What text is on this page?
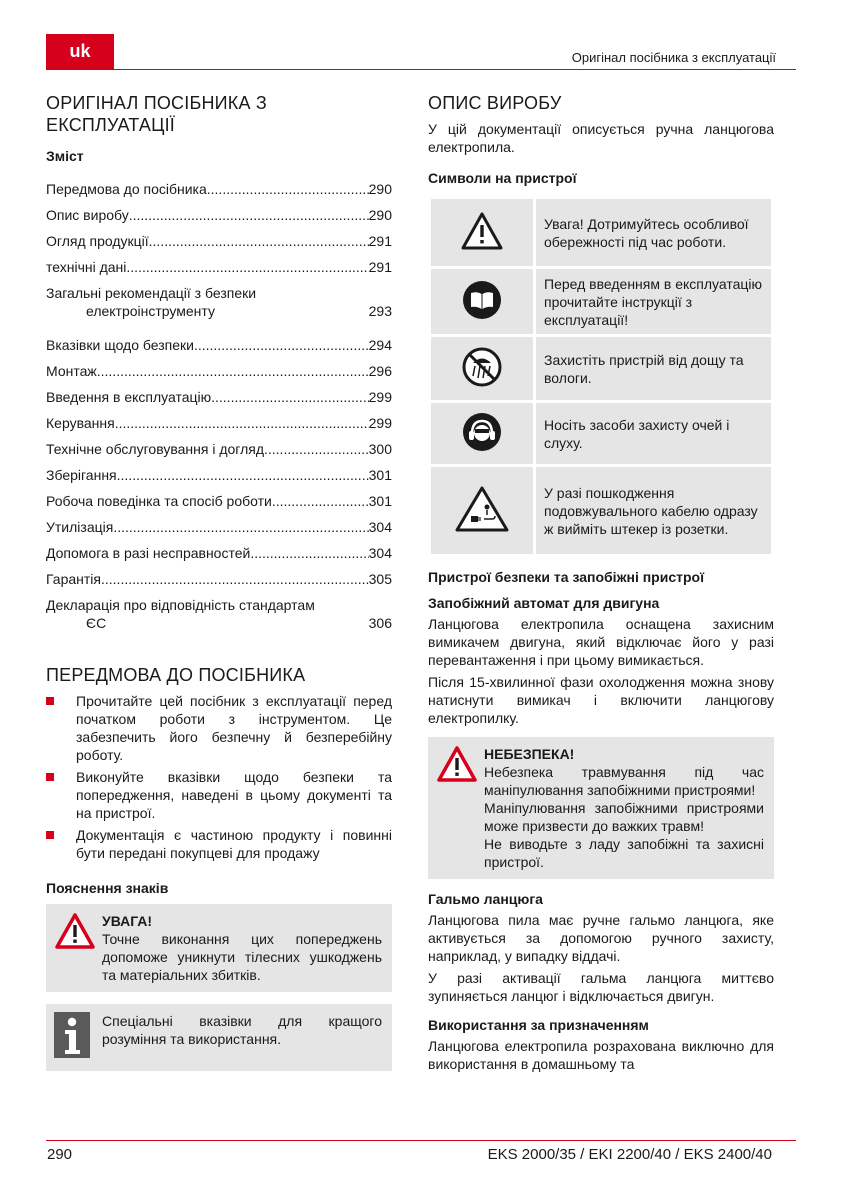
uk	Оригінал посібника з експлуатації
ОРИГІНАЛ ПОСІБНИКА З ЕКСПЛУАТАЦІЇ
Зміст
Передмова до посібника .....	290
Опис виробу .....	290
Огляд продукції .....	291
технічні дані .....	291
Загальні рекомендації з безпеки
електроінструменту	293
Вказівки щодо безпеки .....	294
Монтаж .....	296
Введення в експлуатацію .....	299
Керування .....	299
Технічне обслуговування і догляд .....	300
Зберігання .....	301
Робоча поведінка та спосіб роботи .....	301
Утилізація .....	304
Допомога в разі несправностей .....	304
Гарантія .....	305
Декларація про відповідність стандартам
ЄС	306
ПЕРЕДМОВА ДО ПОСІБНИКА
Прочитайте цей посібник з експлуатації перед початком роботи з інструментом. Це забезпечить його безпечну й безперебійну роботу.
Виконуйте вказівки щодо безпеки та попередження, наведені в цьому документі та на пристрої.
Документація є частиною продукту і повинні бути передані покупцеві для продажу
Пояснення знаків
УВАГА!
Точне виконання цих попереджень допоможе уникнути тілесних ушкоджень та матеріальних збитків.
Спеціальні вказівки для кращого розуміння та використання.
ОПИС ВИРОБУ

У цій документації описується ручна ланцюгова електропила.

Символи на пристрої
	Увага! Дотримуйтесь особливої обережності під час роботи.
	Перед введенням в експлуатацію прочитайте інструкції з експлуатації!
	Захистіть пристрій від дощу та вологи.
	Носіть засоби захисту очей і слуху.
	У разі пошкодження подовжувального кабелю одразу ж вийміть штекер із розетки.
Пристрої безпеки та запобіжні пристрої
Запобіжний автомат для двигуна

Ланцюгова електропила оснащена захисним вимикачем двигуна, який відключає його у разі перевантаження і при цьому вимикається.

Після 15-хвилинної фази охолодження можна знову натиснути вимикач і включити ланцюгову електропилку.

НЕБЕЗПЕКА!
Небезпека травмування під час маніпулювання запобіжними пристроями!
Маніпулювання запобіжними пристроями може призвести до важких травм!
Не виводьте з ладу запобіжні та захисні пристрої.
Гальмо ланцюга

Ланцюгова пила має ручне гальмо ланцюга, яке активується за допомогою ручного захисту, наприклад, у випадку віддачі.

У разі активації гальма ланцюга миттєво зупиняється ланцюг і відключається двигун.

Використання за призначенням

Ланцюгова електропила розрахована виключно для використання в домашньому та

290	EKS 2000/35 / EKI 2200/40 / EKS 2400/40
